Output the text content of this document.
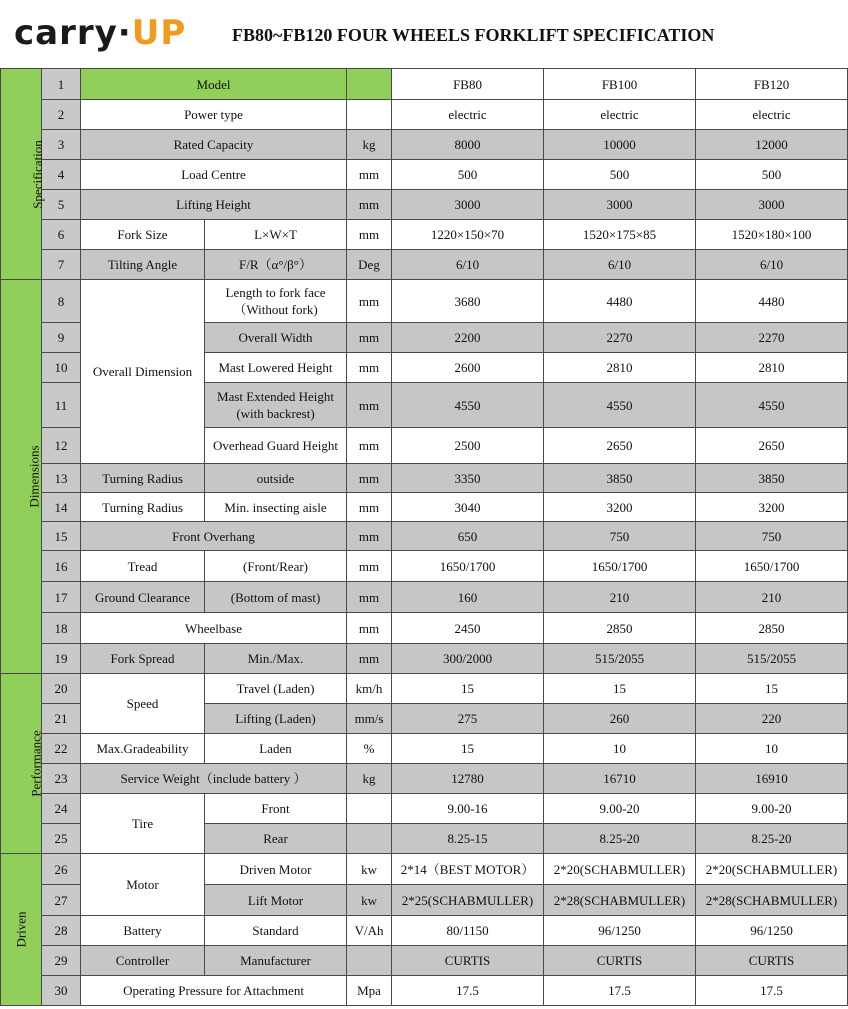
carry·UP	FB80~FB120 FOUR WHEELS FORKLIFT SPECIFICATION
Specification	1	Model			FB80	FB100	FB120
	2	Power type			electric	electric	electric
	3	Rated Capacity		kg	8000	10000	12000
	4	Load Centre		mm	500	500	500
	5	Lifting Height		mm	3000	3000	3000
	6	Fork Size	L×W×T	mm	1220×150×70	1520×175×85	1520×180×100
	7	Tilting Angle	F/R（α°/β°）	Deg	6/10	6/10	6/10
Dimensions	8	Overall Dimension	Length to fork face（Without fork)	mm	3680	4480	4480
	9		Overall Width	mm	2200	2270	2270
	10		Mast Lowered Height	mm	2600	2810	2810
	11		Mast Extended Height (with backrest)	mm	4550	4550	4550
	12		Overhead Guard Height	mm	2500	2650	2650
	13	Turning Radius	outside	mm	3350	3850	3850
	14	Turning Radius	Min. insecting aisle	mm	3040	3200	3200
	15	Front Overhang		mm	650	750	750
	16	Tread	(Front/Rear)	mm	1650/1700	1650/1700	1650/1700
	17	Ground Clearance	(Bottom of mast)	mm	160	210	210
	18	Wheelbase		mm	2450	2850	2850
	19	Fork Spread	Min./Max.	mm	300/2000	515/2055	515/2055
Performance	20	Speed	Travel (Laden)	km/h	15	15	15
	21		Lifting (Laden)	mm/s	275	260	220
	22	Max.Gradeability	Laden	%	15	10	10
	23	Service Weight（include battery ）		kg	12780	16710	16910
	24	Tire	Front		9.00-16	9.00-20	9.00-20
	25		Rear		8.25-15	8.25-20	8.25-20
Driven	26	Motor	Driven Motor	kw	2*14（BEST MOTOR）	2*20(SCHABMULLER)	2*20(SCHABMULLER)
	27		Lift Motor	kw	2*25(SCHABMULLER)	2*28(SCHABMULLER)	2*28(SCHABMULLER)
	28	Battery	Standard	V/Ah	80/1150	96/1250	96/1250
	29	Controller	Manufacturer		CURTIS	CURTIS	CURTIS
	30	Operating Pressure for Attachment		Mpa	17.5	17.5	17.5
